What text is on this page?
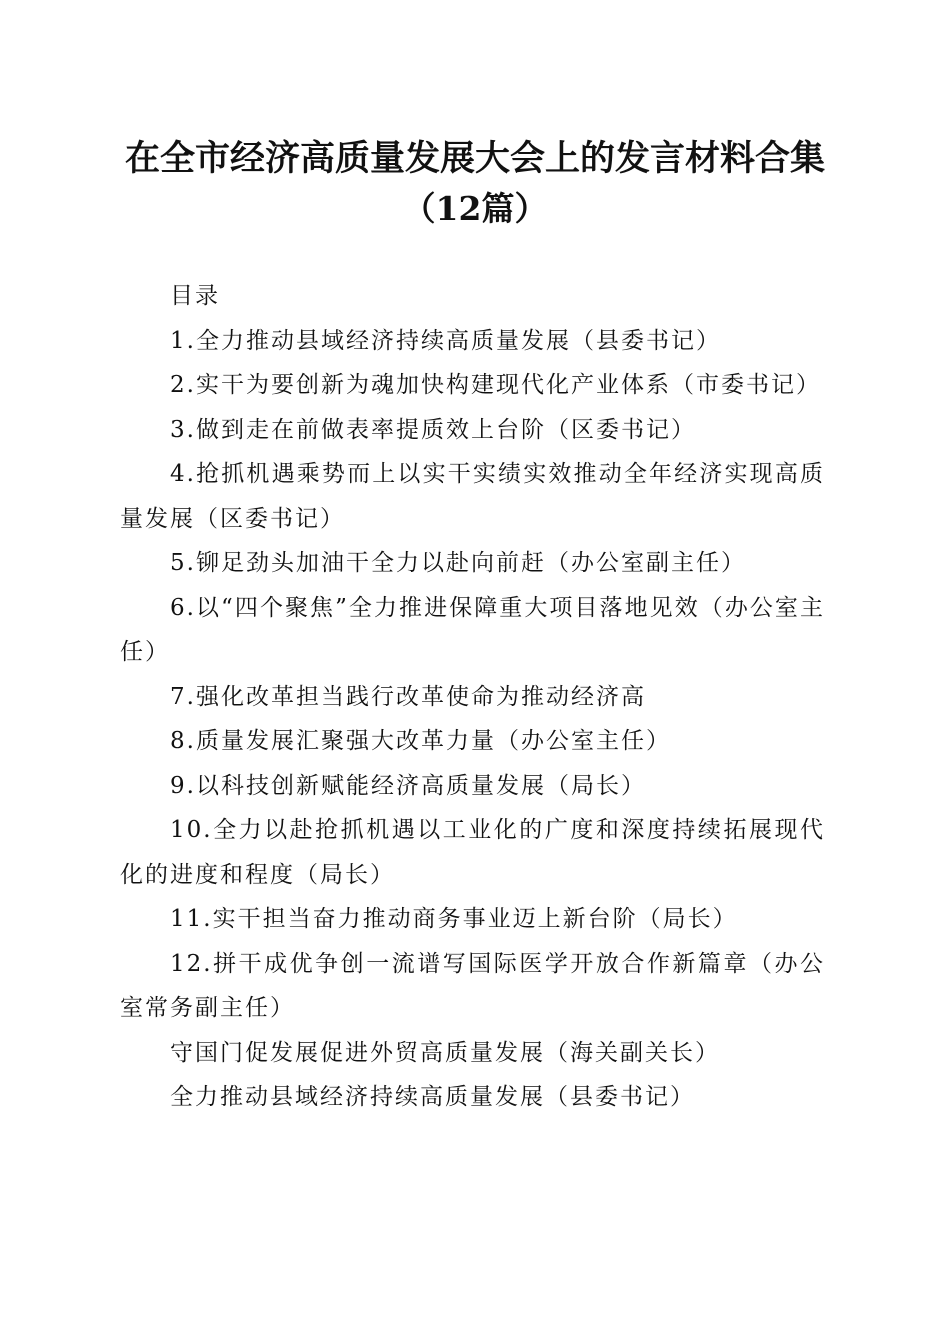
在全市经济高质量发展大会上的发言材料合集

（12篇）

目录

1.全力推动县域经济持续高质量发展（县委书记）

2.实干为要创新为魂加快构建现代化产业体系（市委书记）

3.做到走在前做表率提质效上台阶（区委书记）

4.抢抓机遇乘势而上以实干实绩实效推动全年经济实现高质量发展（区委书记）

5.铆足劲头加油干全力以赴向前赶（办公室副主任）

6.以“四个聚焦”全力推进保障重大项目落地见效（办公室主任）

7.强化改革担当践行改革使命为推动经济高

8.质量发展汇聚强大改革力量（办公室主任）

9.以科技创新赋能经济高质量发展（局长）

10.全力以赴抢抓机遇以工业化的广度和深度持续拓展现代化的进度和程度（局长）

11.实干担当奋力推动商务事业迈上新台阶（局长）

12.拼干成优争创一流谱写国际医学开放合作新篇章（办公室常务副主任）

守国门促发展促进外贸高质量发展（海关副关长）

全力推动县域经济持续高质量发展（县委书记）
